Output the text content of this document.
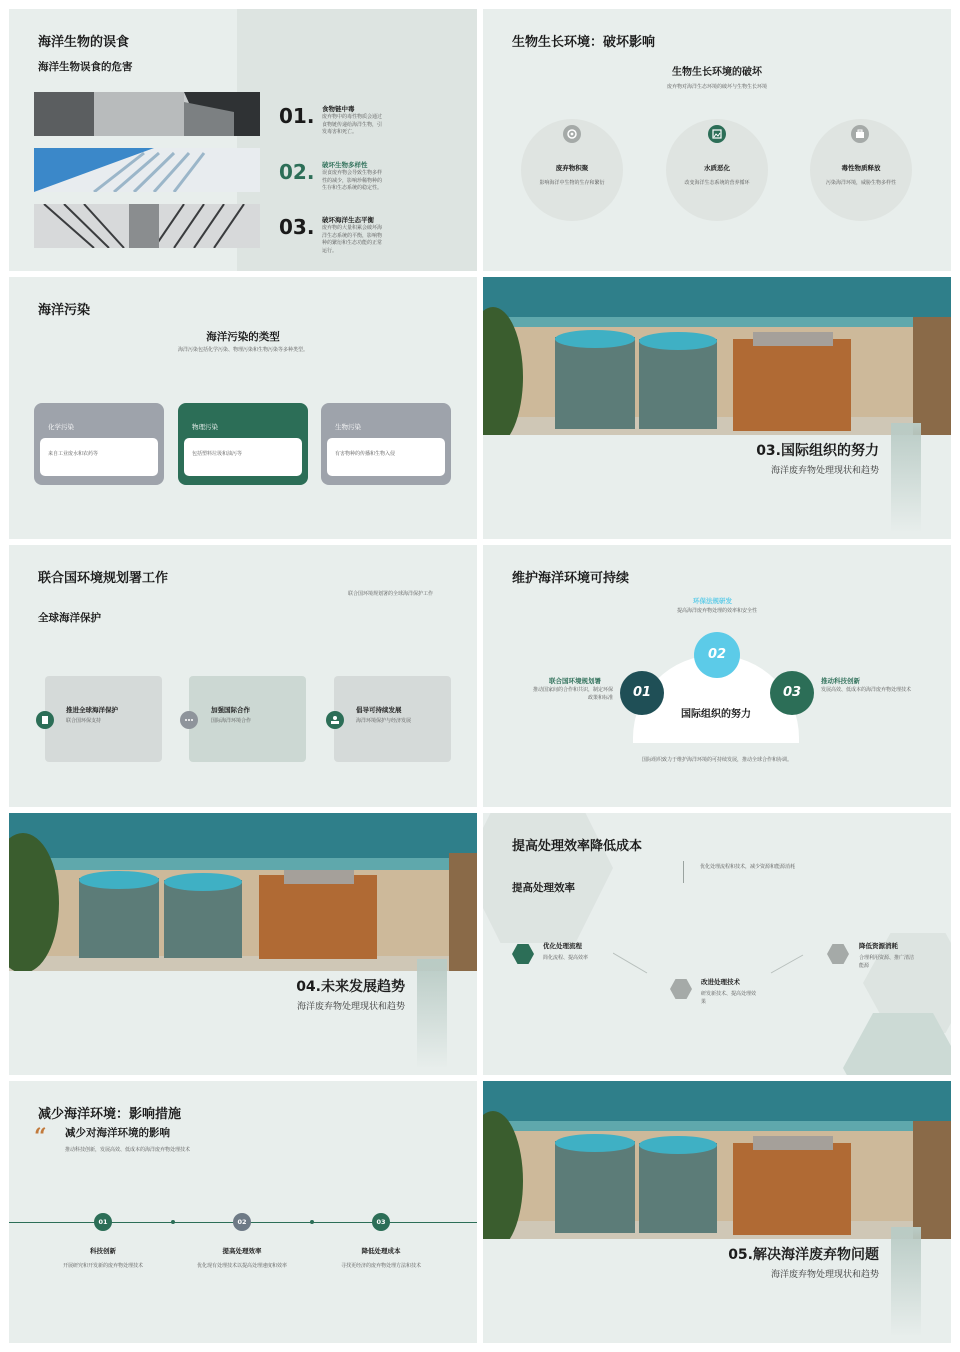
海洋生物的误食
海洋生物误食的危害
01. 食物链中毒
废弃物中的毒性物质会通过食物链传递给海洋生物，引发毒害和死亡。
02. 破坏生物多样性
误食废弃物会导致生物多样性的减少，影响珍稀物种的生存和生态系统的稳定性。
03. 破坏海洋生态平衡
废弃物的大量积累会破坏海洋生态系统的平衡，影响物种的繁衍和生态功能的正常运行。
生物生长环境：破坏影响
生物生长环境的破坏
废弃物对海洋生态环境的破坏与生物生长环境
废弃物积聚
影响海洋中生物的生存和繁衍
水质恶化
改变海洋生态系统的营养循环
毒性物质释放
污染海洋环境，威胁生物多样性
海洋污染
海洋污染的类型
海洋污染包括化学污染、物理污染和生物污染等多种类型。
化学污染
来自工业废水和农药等
物理污染
包括塑料垃圾和油污等
生物污染
有害物种的传播和生物入侵	03.国际组织的努力
海洋废弃物处理现状和趋势
联合国环境规划署工作
联合国环境规划署的全球海洋保护工作
全球海洋保护
推进全球海洋保护
联合国环保支持
加强国际合作
国际海洋环境合作
倡导可持续发展
海洋环境保护与经济发展
维护海洋环境可持续
国际组织的努力
01
02
03
联合国环境规划署
推动国家间的合作和共识，制定环保政策和标准
环保法规研发
提高海洋废弃物处理的效率和安全性
推动科技创新
发展高效、低成本的海洋废弃物处理技术
国际组织致力于维护海洋环境的可持续发展，推动全球合作和协调。
04.未来发展趋势
海洋废弃物处理现状和趋势
提高处理效率降低成本
提高处理效率
优化处理流程和技术，减少资源和能源消耗
优化处理流程
简化流程、提高效率
改进处理技术
研发新技术、提高处理效果
降低资源消耗
合理利用资源、推广清洁能源
减少海洋环境：影响措施
“ 减少对海洋环境的影响
推动科技创新，发展高效、低成本的海洋废弃物处理技术
01	02	03
科技创新
开展研究和开发新的废弃物处理技术
提高处理效率
优化现有处理技术以提高处理速度和效率
降低处理成本
寻找更经济的废弃物处理方法和技术
05.解决海洋废弃物问题
海洋废弃物处理现状和趋势
